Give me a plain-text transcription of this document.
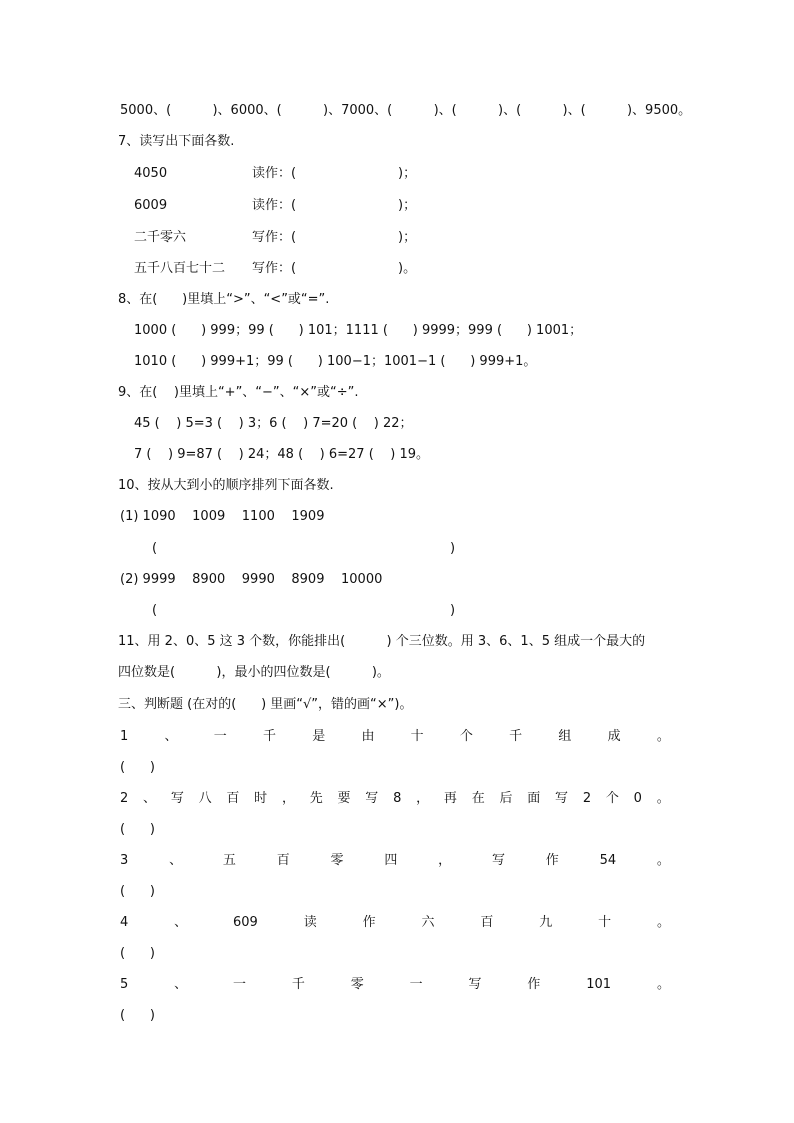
5000、(          )、6000、(          )、7000、(          )、(          )、(          )、(          )、9500。
7、读写出下面各数.
4050	读作：(	)；
6009	读作：(	)；
二千零六	写作：(	)；
五千八百七十二 写作：(	)。
8、在(      )里填上“>”、“<”或“=”.
1000 (      ) 999；99 (      ) 101；1111 (      ) 9999；999 (      ) 1001；
1010 (      ) 999+1；99 (      ) 100−1；1001−1 (      ) 999+1。
9、在(    )里填上“+”、“−”、“×”或“÷”.
45 (    ) 5=3 (    ) 3；6 (    ) 7=20 (    ) 22；
7 (    ) 9=87 (    ) 24；48 (    ) 6=27 (    ) 19。
10、按从大到小的顺序排列下面各数.
(1) 1090    1009    1100    1909
(	)
(2) 9999    8900    9990    8909    10000
(	)
11、用 2、0、5 这 3 个数，你能排出(          ) 个三位数。用 3、6、1、5 组成一个最大的
四位数是(          )，最小的四位数是(          )。
三、判断题 (在对的(      ) 里画“√”，错的画“×”)。
1	、	一	千	是	由	十	个	千	组	成	。
(      )
2 、 写 八 百 时 ， 先 要 写 8 ， 再 在 后 面 写 2 个 0 。
(      )
3	、	五	百	零	四	，	写	作	54	。
(      )
4	、	609	读	作	六	百	九	十	。
(      )
5	、	一	千	零	一	写	作	101	。
(      )
